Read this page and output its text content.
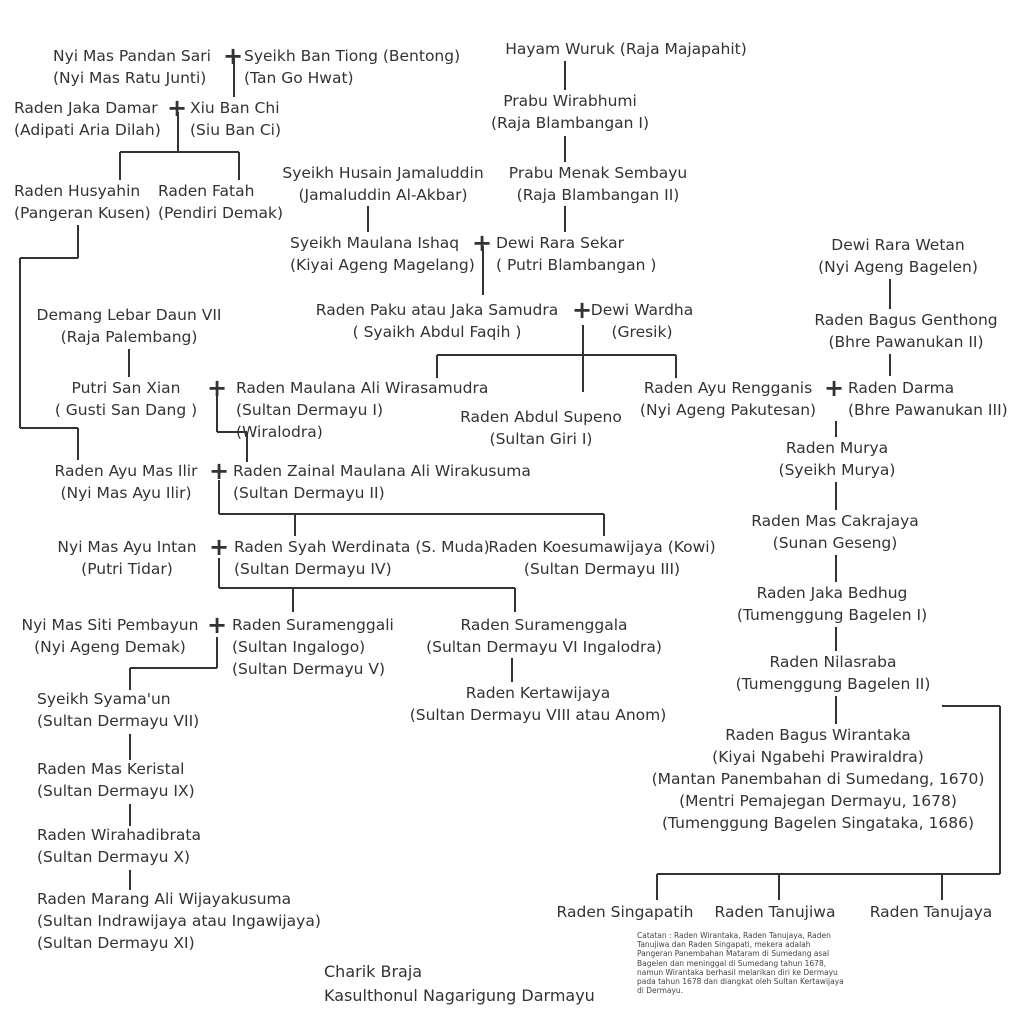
Nyi Mas Pandan Sari
(Nyi Mas Ratu Junti)
Syeikh Ban Tiong (Bentong)
(Tan Go Hwat)
Raden Jaka Damar
(Adipati Aria Dilah)
Xiu Ban Chi
(Siu Ban Ci)
Raden Husyahin
(Pangeran Kusen)
Raden Fatah
(Pendiri Demak)
Hayam Wuruk (Raja Majapahit)
Prabu Wirabhumi
(Raja Blambangan I)
Prabu Menak Sembayu
(Raja Blambangan II)
Syeikh Husain Jamaluddin
(Jamaluddin Al-Akbar)
Syeikh Maulana Ishaq
(Kiyai Ageng Magelang)
Dewi Rara Sekar
( Putri Blambangan )
Dewi Rara Wetan
(Nyi Ageng Bagelen)
Raden Bagus Genthong
(Bhre Pawanukan II)
Demang Lebar Daun VII
(Raja Palembang)
Raden Paku atau Jaka Samudra
( Syaikh Abdul Faqih )
Dewi Wardha
(Gresik)
Putri San Xian
( Gusti San Dang )
Raden Maulana Ali Wirasamudra
(Sultan Dermayu I)
(Wiralodra)
Raden Abdul Supeno
(Sultan Giri I)
Raden Ayu Rengganis
(Nyi Ageng Pakutesan)
Raden Darma
(Bhre Pawanukan III)
Raden Ayu Mas Ilir
(Nyi Mas Ayu Ilir)
Raden Zainal Maulana Ali Wirakusuma
(Sultan Dermayu II)
Raden Murya
(Syeikh Murya)
Raden Mas Cakrajaya
(Sunan Geseng)
Nyi Mas Ayu Intan
(Putri Tidar)
Raden Syah Werdinata (S. Muda)
(Sultan Dermayu IV)
Raden Koesumawijaya (Kowi)
(Sultan Dermayu III)
Raden Jaka Bedhug
(Tumenggung Bagelen I)
Nyi Mas Siti Pembayun
(Nyi Ageng Demak)
Raden Suramenggali
(Sultan Ingalogo)
(Sultan Dermayu V)
Raden Suramenggala
(Sultan Dermayu VI Ingalodra)
Raden Nilasraba
(Tumenggung Bagelen II)
Raden Kertawijaya
(Sultan Dermayu VIII atau Anom)
Syeikh Syama'un
(Sultan Dermayu VII)
Raden Bagus Wirantaka
(Kiyai Ngabehi Prawiraldra)
(Mantan Panembahan di Sumedang, 1670)
(Mentri Pemajegan Dermayu, 1678)
(Tumenggung Bagelen Singataka, 1686)
Raden Mas Keristal
(Sultan Dermayu IX)
Raden Wirahadibrata
(Sultan Dermayu X)
Raden Marang Ali Wijayakusuma
(Sultan Indrawijaya atau Ingawijaya)
(Sultan Dermayu XI)
Raden Singapatih Raden Tanujiwa Raden Tanujaya
+
+
+
+
+	+
+
+
+
Catatan : Raden Wirantaka, Raden Tanujaya, Raden Tanujiwa dan Raden Singapati, mekera adalah Pangeran Panembahan Mataram di Sumedang asal Bagelen dan meninggal di Sumedang tahun 1678, namun Wirantaka berhasil melarikan diri ke Dermayu pada tahun 1678 dan diangkat oleh Sultan Kertawijaya di Dermayu.
Charik Braja
Kasulthonul Nagarigung Darmayu
